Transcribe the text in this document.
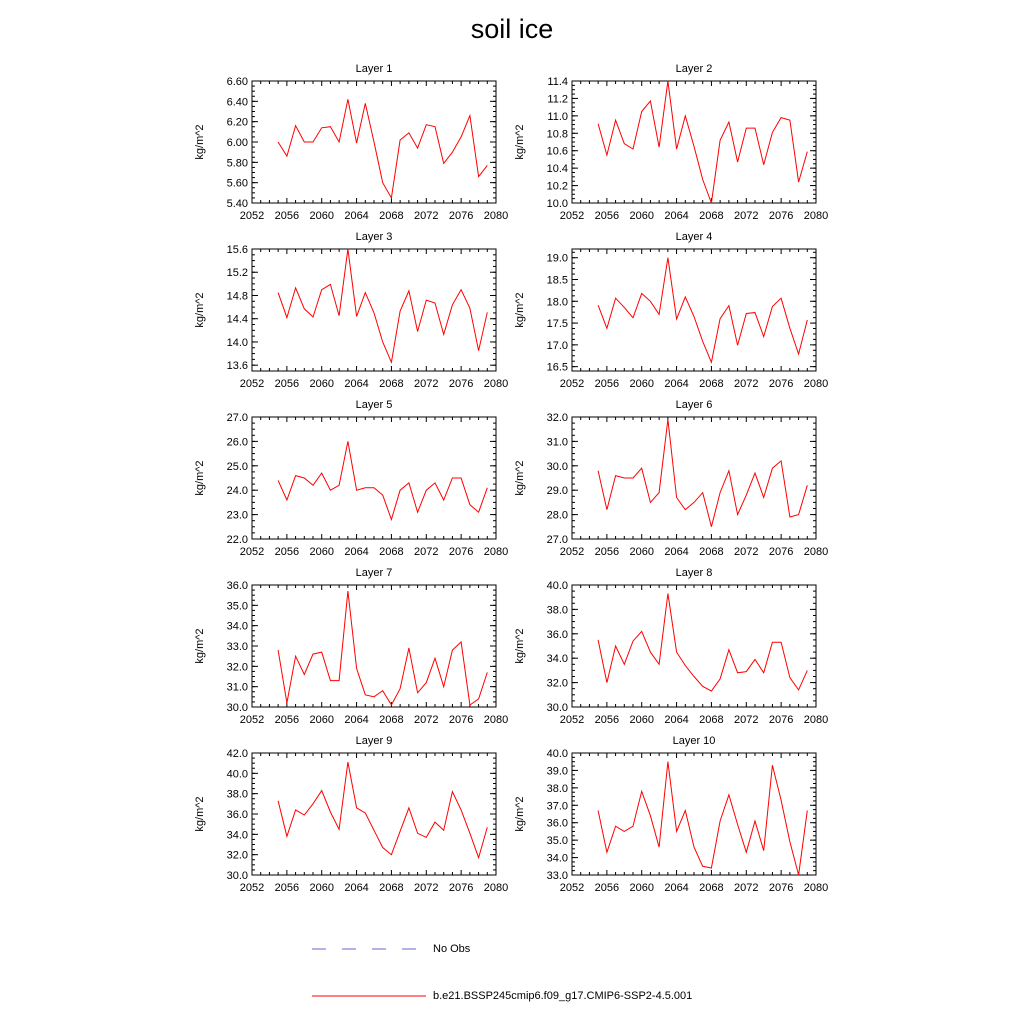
soil ice
Layer 1
2052 2056 2060 2064 2068 2072 2076 2080
5.40
5.60
5.80
6.00
6.20
6.40
6.60
kg/m^2
Layer 2
2052 2056 2060 2064 2068 2072 2076 2080
10.0
10.2
10.4
10.6
10.8
11.0
11.2
11.4
kg/m^2
Layer 3
2052 2056 2060 2064 2068 2072 2076 2080
13.6
14.0
14.4
14.8
15.2
15.6
kg/m^2
Layer 4
2052 2056 2060 2064 2068 2072 2076 2080
16.5
17.0
17.5
18.0
18.5
19.0
kg/m^2
Layer 5
2052 2056 2060 2064 2068 2072 2076 2080
22.0
23.0
24.0
25.0
26.0
27.0
kg/m^2
Layer 6
2052 2056 2060 2064 2068 2072 2076 2080
27.0
28.0
29.0
30.0
31.0
32.0
kg/m^2
Layer 7
2052 2056 2060 2064 2068 2072 2076 2080
30.0
31.0
32.0
33.0
34.0
35.0
36.0
kg/m^2
Layer 8
2052 2056 2060 2064 2068 2072 2076 2080
30.0
32.0
34.0
36.0
38.0
40.0
kg/m^2
Layer 9
2052 2056 2060 2064 2068 2072 2076 2080
30.0
32.0
34.0
36.0
38.0
40.0
42.0
kg/m^2
Layer 10
2052 2056 2060 2064 2068 2072 2076 2080
33.0
34.0
35.0
36.0
37.0
38.0
39.0
40.0
kg/m^2
No Obs
b.e21.BSSP245cmip6.f09_g17.CMIP6-SSP2-4.5.001
